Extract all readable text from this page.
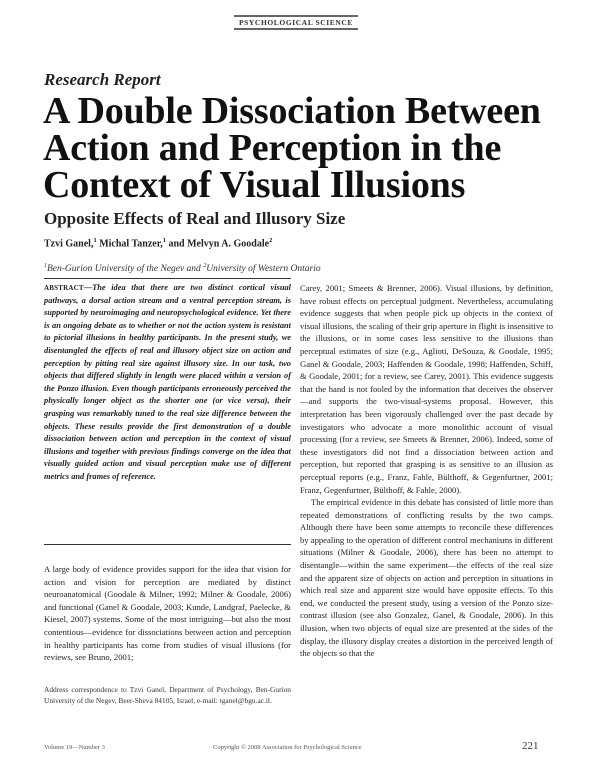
PSYCHOLOGICAL SCIENCE
Research Report
A Double Dissociation Between Action and Perception in the Context of Visual Illusions
Opposite Effects of Real and Illusory Size
Tzvi Ganel,$^1$ Michal Tanzer,$^1$ and Melvyn A. Goodale$^2$
$^1$Ben-Gurion University of the Negev and $^2$University of Western Ontario
ABSTRACT—The idea that there are two distinct cortical visual pathways, a dorsal action stream and a ventral perception stream, is supported by neuroimaging and neuropsychological evidence. Yet there is an ongoing debate as to whether or not the action system is resistant to pictorial illusions in healthy participants. In the present study, we disentangled the effects of real and illusory object size on action and perception by pitting real size against illusory size. In our task, two objects that differed slightly in length were placed within a version of the Ponzo illusion. Even though participants erroneously perceived the physically longer object as the shorter one (or vice versa), their grasping was remarkably tuned to the real size difference between the objects. These results provide the first demonstration of a double dissociation between action and perception in the context of visual illusions and together with previous findings converge on the idea that visually guided action and visual perception make use of different metrics and frames of reference.

A large body of evidence provides support for the idea that vision for action and vision for perception are mediated by distinct neuroanatomical (Goodale & Milner, 1992; Milner & Goodale, 2006) and functional (Ganel & Goodale, 2003; Kunde, Landgraf, Paelecke, & Kiesel, 2007) systems. Some of the most intriguing—but also the most contentious—evidence for dissociations between action and perception in healthy participants has come from studies of visual illusions (for reviews, see Bruno, 2001;

Carey, 2001; Smeets & Brenner, 2006). Visual illusions, by definition, have robust effects on perceptual judgment. Nevertheless, accumulating evidence suggests that when people pick up objects in the context of visual illusions, the scaling of their grip aperture in flight is insensitive to the illusions, or in some cases less sensitive to the illusions than perceptual estimates of size (e.g., Aglioti, DeSouza, & Goodale, 1995; Ganel & Goodale, 2003; Haffenden & Goodale, 1998; Haffenden, Schiff, & Goodale, 2001; for a review, see Carey, 2001). This evidence suggests that the hand is not fooled by the information that deceives the observer—and supports the two-visual-systems proposal. However, this interpretation has been vigorously challenged over the past decade by investigators who advocate a more monolithic account of visual processing (for a review, see Smeets & Brenner, 2006). Indeed, some of these investigators did not find a dissociation between action and perception, but reported that grasping is as sensitive to an illusion as perceptual reports (e.g., Franz, Fahle, Bülthoff, & Gegenfurtner, 2001; Franz, Gegenfurtner, Bülthoff, & Fahle, 2000).

The empirical evidence in this debate has consisted of little more than repeated demonstrations of conflicting results by the two camps. Although there have been some attempts to reconcile these differences by appealing to the operation of different control mechanisms in different situations (Milner & Goodale, 2006), there has been no attempt to disentangle—within the same experiment—the effects of the real size and the apparent size of objects on action and perception in situations in which real size and apparent size would have opposite effects. To this end, we conducted the present study, using a version of the Ponzo size-contrast illusion (see also Gonzalez, Ganel, & Goodale, 2006). In this illusion, when two objects of equal size are presented at the sides of the display, the illusory display creates a distortion in the perceived length of the objects so that the

Address correspondence to Tzvi Ganel, Department of Psychology, Ben-Gurion University of the Negev, Beer-Sheva 84105, Israel, e-mail: tganel@bgu.ac.il.
Volume 19—Number 3	Copyright © 2008 Association for Psychological Science	221
